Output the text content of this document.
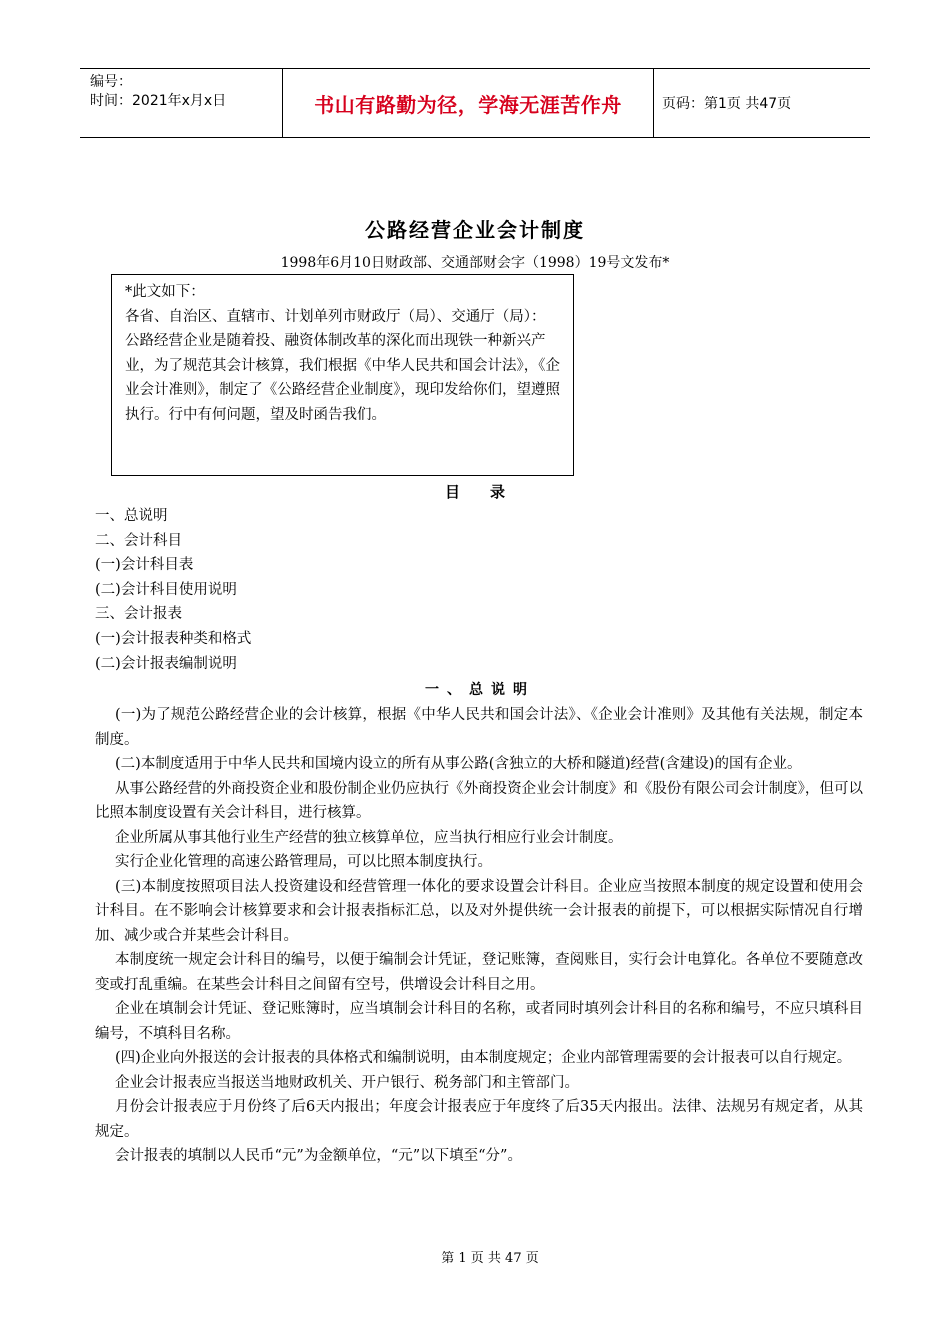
编号：
时间：2021年x月x日	书山有路勤为径，学海无涯苦作舟	页码：第1页 共47页
公路经营企业会计制度
1998年6月10日财政部、交通部财会字（1998）19号文发布*

*此文如下：

各省、自治区、直辖市、计划单列市财政厅（局）、交通厅（局）：

公路经营企业是随着投、融资体制改革的深化而出现铁一种新兴产业，为了规范其会计核算，我们根据《中华人民共和国会计法》，《企业会计准则》，制定了《公路经营企业制度》，现印发给你们，望遵照执行。行中有何问题，望及时函告我们。

目录
一、总说明
二、会计科目
(一)会计科目表
(二)会计科目使用说明
三、会计报表
(一)会计报表种类和格式
(二)会计报表编制说明
一、总说明

(一)为了规范公路经营企业的会计核算，根据《中华人民共和国会计法》、《企业会计准则》及其他有关法规，制定本制度。

(二)本制度适用于中华人民共和国境内设立的所有从事公路(含独立的大桥和隧道)经营(含建设)的国有企业。

从事公路经营的外商投资企业和股份制企业仍应执行《外商投资企业会计制度》和《股份有限公司会计制度》，但可以比照本制度设置有关会计科目，进行核算。

企业所属从事其他行业生产经营的独立核算单位，应当执行相应行业会计制度。

实行企业化管理的高速公路管理局，可以比照本制度执行。

(三)本制度按照项目法人投资建设和经营管理一体化的要求设置会计科目。企业应当按照本制度的规定设置和使用会计科目。在不影响会计核算要求和会计报表指标汇总，以及对外提供统一会计报表的前提下，可以根据实际情况自行增加、减少或合并某些会计科目。

本制度统一规定会计科目的编号，以便于编制会计凭证，登记账簿，查阅账目，实行会计电算化。各单位不要随意改变或打乱重编。在某些会计科目之间留有空号，供增设会计科目之用。

企业在填制会计凭证、登记账簿时，应当填制会计科目的名称，或者同时填列会计科目的名称和编号，不应只填科目编号，不填科目名称。

(四)企业向外报送的会计报表的具体格式和编制说明，由本制度规定；企业内部管理需要的会计报表可以自行规定。

企业会计报表应当报送当地财政机关、开户银行、税务部门和主管部门。

月份会计报表应于月份终了后6天内报出；年度会计报表应于年度终了后35天内报出。法律、法规另有规定者，从其规定。

会计报表的填制以人民币“元”为金额单位，“元”以下填至“分”。

第 1 页 共 47 页
